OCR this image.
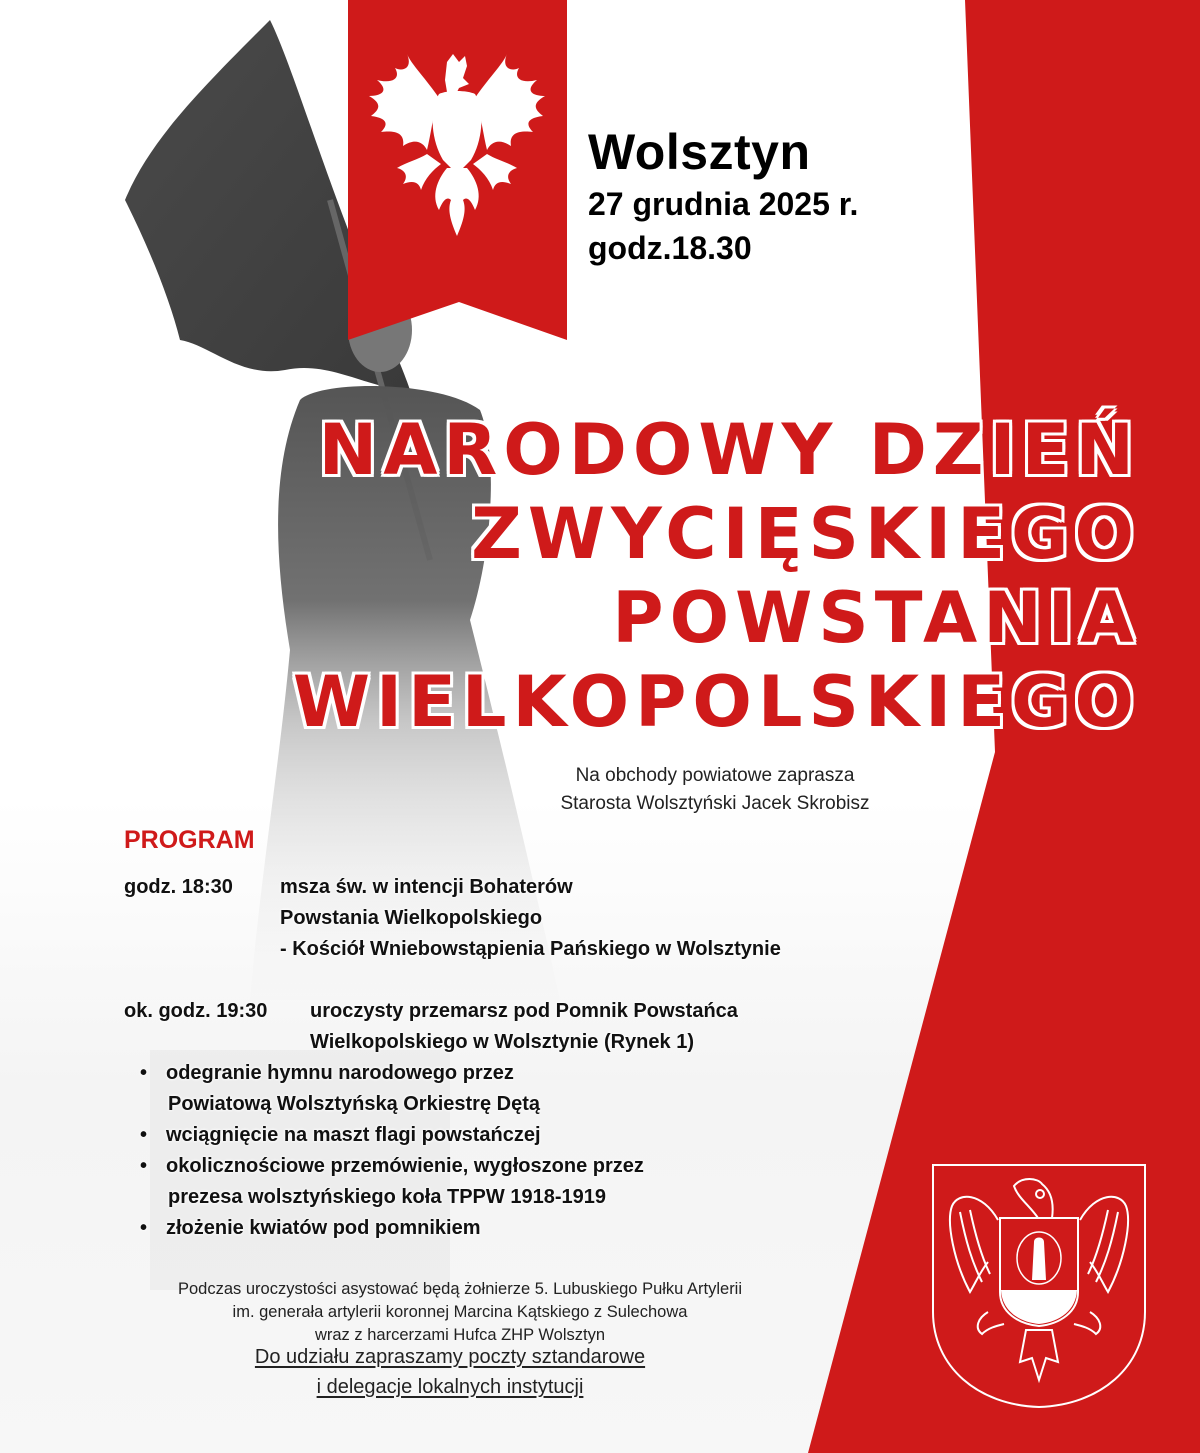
Wolsztyn
27 grudnia 2025 r.
godz.18.30
NARODOWY DZIEŃ
ZWYCIĘSKIEGO
POWSTANIA
WIELKOPOLSKIEGO
Na obchody powiatowe zaprasza
Starosta Wolsztyński Jacek Skrobisz
PROGRAM
godz. 18:30	msza św. w intencji Bohaterów
Powstania Wielkopolskiego
- Kościół Wniebowstąpienia Pańskiego w Wolsztynie
ok. godz. 19:30	uroczysty przemarsz pod Pomnik Powstańca
Wielkopolskiego w Wolsztynie (Rynek 1)
• odegranie hymnu narodowego przez
Powiatową Wolsztyńską Orkiestrę Dętą
• wciągnięcie na maszt flagi powstańczej
• okolicznościowe przemówienie, wygłoszone przez
prezesa wolsztyńskiego koła TPPW 1918-1919
• złożenie kwiatów pod pomnikiem
Podczas uroczystości asystować będą żołnierze 5. Lubuskiego Pułku Artylerii
im. generała artylerii koronnej Marcina Kątskiego z Sulechowa
wraz z harcerzami Hufca ZHP Wolsztyn
Do udziału zapraszamy poczty sztandarowe
i delegacje lokalnych instytucji
